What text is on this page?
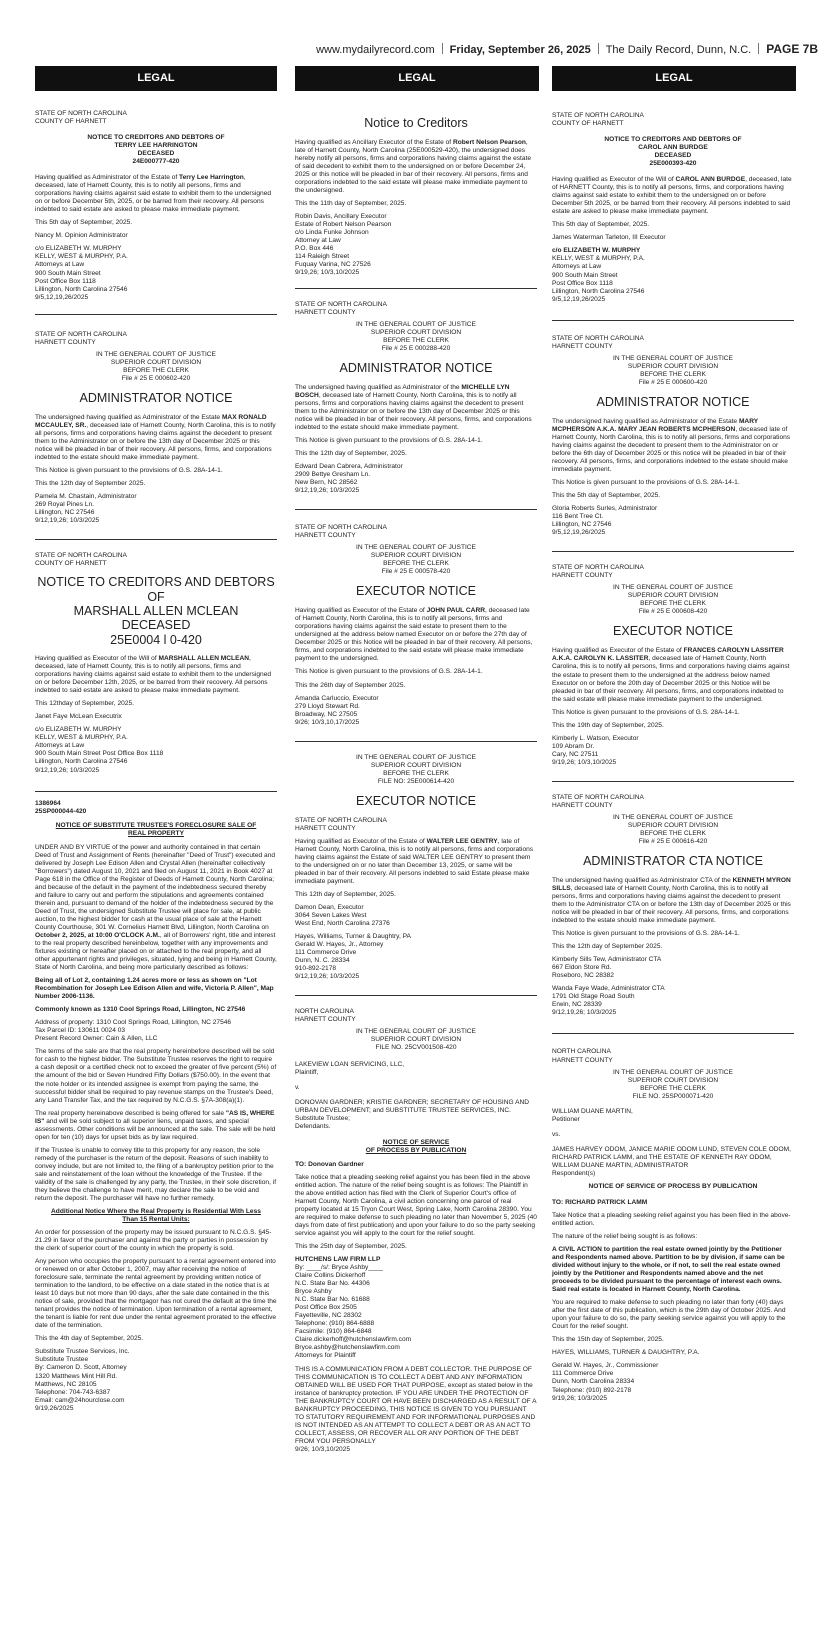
www.mydailyrecord.com Friday, September 26, 2025 The Daily Record, Dunn, N.C. PAGE 7B
LEGAL	LEGAL	LEGAL
STATE OF NORTH CAROLINA
COUNTY OF HARNETT
NOTICE TO CREDITORS AND DEBTORS OF
TERRY LEE HARRINGTON
DECEASED
24E000777-420

Having qualified as Administrator of the Estate of Terry Lee Harrington, deceased, late of Harnett County, this is to notify all persons, firms and corporations having claims against said estate to exhibit them to the undersigned on or before December 5th, 2025, or be barred from their recovery. All persons indebted to said estate are asked to please make immediate payment.

This 5th day of September, 2025.

Nancy M. Opinion Administrator

c/o ELIZABETH W. MURPHY
KELLY, WEST & MURPHY, P.A.
Attorneys at Law
900 South Main Street
Post Office Box 1118
Lillington, North Carolina 27546
9/5,12,19,26/2025
STATE OF NORTH CAROLINA
HARNETT COUNTY
IN THE GENERAL COURT OF JUSTICE
SUPERIOR COURT DIVISION
BEFORE THE CLERK
File # 25 E 000602-420
ADMINISTRATOR NOTICE

The undersigned having qualified as Administrator of the Estate MAX RONALD MCCAULEY, SR., deceased late of Harnett County, North Carolina, this is to notify all persons, firms and corporations having claims against the decedent to present them to the Administrator on or before the 13th day of December 2025 or this notice will be pleaded in bar of their recovery. All persons, firms, and corporations indebted to the estate should make immediate payment.

This Notice is given pursuant to the provisions of G.S. 28A-14-1.

This the 12th day of September 2025.

Pamela M. Chastain, Administrator
269 Royal Pines Ln.
Lillington, NC 27546
9/12,19,26; 10/3/2025
STATE OF NORTH CAROLINA
COUNTY OF HARNETT
NOTICE TO CREDITORS AND DEBTORS
OF
MARSHALL ALLEN MCLEAN
DECEASED
25E0004 l 0-420

Having qualified as Executor of the Will of MARSHALL ALLEN MCLEAN, deceased, late of Harnett County, this is to notify all persons, firms and corporations having claims against said estate to exhibit them to the undersigned on or before December 12th, 2025, or be barred from their recovery. All persons indebted to said estate are asked to please make immediate payment.

This 12thday of September, 2025.

Janet Faye McLean Executrix

c/o ELIZABETH W. MURPHY
KELLY, WEST & MURPHY, P.A.
Attorneys at Law
900 South Main Street Post Office Box 1118
Lillington, North Carolina 27546
9/12,19,26; 10/3/2025
1386964
25SP000044-420
NOTICE OF SUBSTITUTE TRUSTEE'S FORECLOSURE SALE OF REAL PROPERTY

UNDER AND BY VIRTUE of the power and authority contained in that certain Deed of Trust and Assignment of Rents (hereinafter "Deed of Trust") executed and delivered by Joseph Lee Edison Allen and Crystal Allen (hereinafter collectively "Borrowers") dated August 10, 2021 and filed on August 11, 2021 in Book 4027 at Page 618 in the Office of the Register of Deeds of Harnett County, North Carolina; and because of the default in the payment of the indebtedness secured thereby and failure to carry out and perform the stipulations and agreements contained therein and, pursuant to demand of the holder of the indebtedness secured by the Deed of Trust, the undersigned Substitute Trustee will place for sale, at public auction, to the highest bidder for cash at the usual place of sale at the Harnett County Courthouse, 301 W. Cornelius Harnett Blvd, Lillington, North Carolina on October 2, 2025, at 10:00 O'CLOCK A.M., all of Borrowers' right, title and interest to the real property described hereinbelow, together with any improvements and fixtures existing or hereafter placed on or attached to the real property, and all other appurtenant rights and privileges, situated, lying and being in Harnett County, State of North Carolina, and being more particularly described as follows:

Being all of Lot 2, containing 1.24 acres more or less as shown on "Lot Recombination for Joseph Lee Edison Allen and wife, Victoria P. Allen", Map Number 2006-1136.

Commonly known as 1310 Cool Springs Road, Lillington, NC 27546

Address of property: 1310 Cool Springs Road, Lillington, NC 27546
Tax Parcel ID: 130611 0024 03

Present Record Owner: Cain & Allen, LLC

The terms of the sale are that the real property hereinbefore described will be sold for cash to the highest bidder. The Substitute Trustee reserves the right to require a cash deposit or a certified check not to exceed the greater of five percent (5%) of the amount of the bid or Seven Hundred Fifty Dollars ($750.00). In the event that the note holder or its intended assignee is exempt from paying the same, the successful bidder shall be required to pay revenue stamps on the Trustee's Deed, any Land Transfer Tax, and the tax required by N.C.G.S. §7A-308(a)(1).

The real property hereinabove described is being offered for sale "AS IS, WHERE IS" and will be sold subject to all superior liens, unpaid taxes, and special assessments. Other conditions will be announced at the sale. The sale will be held open for ten (10) days for upset bids as by law required.

If the Trustee is unable to convey title to this property for any reason, the sole remedy of the purchaser is the return of the deposit. Reasons of such inability to convey include, but are not limited to, the filing of a bankruptcy petition prior to the sale and reinstatement of the loan without the knowledge of the Trustee. If the validity of the sale is challenged by any party, the Trustee, in their sole discretion, if they believe the challenge to have merit, may declare the sale to be void and return the deposit. The purchaser will have no further remedy.

Additional Notice Where the Real Property is Residential With Less Than 15 Rental Units:

An order for possession of the property may be issued pursuant to N.C.G.S. §45-21.29 in favor of the purchaser and against the party or parties in possession by the clerk of superior court of the county in which the property is sold.

Any person who occupies the property pursuant to a rental agreement entered into or renewed on or after October 1, 2007, may after receiving the notice of foreclosure sale, terminate the rental agreement by providing written notice of termination to the landlord, to be effective on a date stated in the notice that is at least 10 days but not more than 90 days, after the sale date contained in the this notice of sale, provided that the mortgagor has not cured the default at the time the tenant provides the notice of termination. Upon termination of a rental agreement, the tenant is liable for rent due under the rental agreement prorated to the effective date of the termination.

This the 4th day of September, 2025.

Substitute Trustee Services, Inc.
Substitute Trustee
By: Cameron D. Scott, Attorney
1320 Matthews Mint Hill Rd.
Matthews, NC 28105
Telephone: 704-743-6387
Email: cam@24hourclose.com
9/19,26/2025
Notice to Creditors

Having qualified as Ancillary Executor of the Estate of Robert Nelson Pearson, late of Harnett County, North Carolina (25E000529-420), the undersigned does hereby notify all persons, firms and corporations having claims against the estate of said decedent to exhibit them to the undersigned on or before December 24, 2025 or this notice will be pleaded in bar of their recovery. All persons, firms and corporations indebted to the said estate will please make immediate payment to the undersigned.

This the 11th day of September, 2025.

Robin Davis, Ancillary Executor
Estate of Robert Nelson Pearson
c/o Linda Funke Johnson
Attorney at Law
P.O. Box 446
114 Raleigh Street
Fuquay Varina, NC 27526
9/19,26; 10/3,10/2025
STATE OF NORTH CAROLINA
HARNETT COUNTY
IN THE GENERAL COURT OF JUSTICE
SUPERIOR COURT DIVISION
BEFORE THE CLERK
File # 25 E 000288-420
ADMINISTRATOR NOTICE

The undersigned having qualified as Administrator of the MICHELLE LYN BOSCH, deceased late of Harnett County, North Carolina, this is to notify all persons, firms and corporations having claims against the decedent to present them to the Administrator on or before the 13th day of December 2025 or this notice will be pleaded in bar of their recovery. All persons, firms, and corporations indebted to the estate should make immediate payment.

This Notice is given pursuant to the provisions of G.S. 28A-14-1.

This the 12th day of September, 2025.

Edward Dean Cabrera, Administrator
2909 Bettye Gresham Ln.
New Bern, NC 28562
9/12,19,26; 10/3/2025
STATE OF NORTH CAROLINA
HARNETT COUNTY
IN THE GENERAL COURT OF JUSTICE
SUPERIOR COURT DIVISION
BEFORE THE CLERK
File # 25 E 000578-420
EXECUTOR NOTICE

Having qualified as Executor of the Estate of JOHN PAUL CARR, deceased late of Harnett County, North Carolina, this is to notify all persons, firms and corporations having claims against the said estate to present them to the undersigned at the address below named Executor on or before the 27th day of December 2025 or this Notice will be pleaded in bar of their recovery. All persons, firms, and corporations indebted to the said estate will please make immediate payment to the undersigned.

This Notice is given pursuant to the provisions of G.S. 28A-14-1.

This the 26th day of September 2025.

Amanda Carluccio, Executor
279 Lloyd Stewart Rd.
Broadway, NC 27505
9/26; 10/3,10,17/2025
IN THE GENERAL COURT OF JUSTICE
SUPERIOR COURT DIVISION
BEFORE THE CLERK
FILE NO: 25E000614-420
EXECUTOR NOTICE
STATE OF NORTH CAROLINA
HARNETT COUNTY

Having qualified as Executor of the Estate of WALTER LEE GENTRY, late of Harnett County, North Carolina, this is to notify all persons, firms and corporations having claims against the Estate of said WALTER LEE GENTRY to present them to the undersigned on or no later than December 13, 2025, or same will be pleaded in bar of their recovery. All persons indebted to said Estate please make immediate payment.

This 12th day of September, 2025.

Damon Dean, Executor
3064 Seven Lakes West
West End, North Carolina 27376
Hayes, Williams, Turner & Daughtry, PA
Gerald W. Hayes, Jr., Attorney
111 Commerce Drive
Dunn, N. C. 28334
910-892-2178
9/12,19,26; 10/3/2025
NORTH CAROLINA
HARNETT COUNTY
IN THE GENERAL COURT OF JUSTICE
SUPERIOR COURT DIVISION
FILE NO. 25CV001508-420
LAKEVIEW LOAN SERVICING, LLC,
Plaintiff,
v.
DONOVAN GARDNER; KRISTIE GARDNER; SECRETARY OF HOUSING AND URBAN DEVELOPMENT; and SUBSTITUTE TRUSTEE SERVICES, INC. Substitute Trustee;
Defendants.
NOTICE OF SERVICE
OF PROCESS BY PUBLICATION

TO: Donovan Gardner

Take notice that a pleading seeking relief against you has been filed in the above entitled action. The nature of the relief being sought is as follows: The Plaintiff in the above entitled action has filed with the Clerk of Superior Court's office of Harnett County, North Carolina, a civil action concerning one parcel of real property located at 15 Tryon Court West, Spring Lake, North Carolina 28390. You are required to make defense to such pleading no later than November 5, 2025 (40 days from date of first publication) and upon your failure to do so the party seeking service against you will apply to the court for the relief sought.

This the 25th day of September, 2025.

HUTCHENS LAW FIRM LLP
By: ____/s/: Bryce Ashby____
Claire Collins Dickerhoff
N.C. State Bar No. 44306
Bryce Ashby
N.C. State Bar No. 61688
Post Office Box 2505
Fayetteville, NC 28302
Telephone: (910) 864-6888
Facsimile: (910) 864-6848
Claire.dickerhoff@hutchenslawfirm.com
Bryce.ashby@hutchenslawfirm.com
Attorneys for Plaintiff
THIS IS A COMMUNICATION FROM A DEBT COLLECTOR. THE PURPOSE OF THIS COMMUNICATION IS TO COLLECT A DEBT AND ANY INFORMATION OBTAINED WILL BE USED FOR THAT PURPOSE, except as stated below in the instance of bankruptcy protection. IF YOU ARE UNDER THE PROTECTION OF THE BANKRUPTCY COURT OR HAVE BEEN DISCHARGED AS A RESULT OF A BANKRUPTCY PROCEEDING, THIS NOTICE IS GIVEN TO YOU PURSUANT TO STATUTORY REQUIREMENT AND FOR INFORMATIONAL PURPOSES AND IS NOT INTENDED AS AN ATTEMPT TO COLLECT A DEBT OR AS AN ACT TO COLLECT, ASSESS, OR RECOVER ALL OR ANY PORTION OF THE DEBT FROM YOU PERSONALLY
9/26; 10/3,10/2025
STATE OF NORTH CAROLINA
COUNTY OF HARNETT
NOTICE TO CREDITORS AND DEBTORS OF
CAROL ANN BURDGE
DECEASED
25E000393-420

Having qualified as Executor of the Will of CAROL ANN BURDGE, deceased, late of HARNETT County, this is to notify all persons, firms, and corporations having claims against said estate to exhibit them to the undersigned on or before December 5th 2025, or be barred from their recovery. All persons indebted to said estate are asked to please make immediate payment.

This 5th day of September, 2025.

James Waterman Tarleton, III Executor

c/o ELIZABETH W. MURPHY
KELLY, WEST & MURPHY, P.A.
Attorneys at Law
900 South Main Street
Post Office Box 1118
Lillington, North Carolina 27546
9/5,12,19,26/2025
STATE OF NORTH CAROLINA
HARNETT COUNTY
IN THE GENERAL COURT OF JUSTICE
SUPERIOR COURT DIVISION
BEFORE THE CLERK
File # 25 E 000600-420
ADMINISTRATOR NOTICE

The undersigned having qualified as Administrator of the Estate MARY MCPHERSON A.K.A. MARY JEAN ROBERTS MCPHERSON, deceased late of Harnett County, North Carolina, this is to notify all persons, firms and corporations having claims against the decedent to present them to the Administrator on or before the 6th day of December 2025 or this notice will be pleaded in bar of their recovery. All persons, firms, and corporations indebted to the estate should make immediate payment.

This Notice is given pursuant to the provisions of G.S. 28A-14-1.

This the 5th day of September, 2025.

Gloria Roberts Surles, Administrator
116 Bent Tree Ct.
Lillington, NC 27546
9/5,12,19,26/2025
STATE OF NORTH CAROLINA
HARNETT COUNTY
IN THE GENERAL COURT OF JUSTICE
SUPERIOR COURT DIVISION
BEFORE THE CLERK
File # 25 E 000608-420
EXECUTOR NOTICE

Having qualified as Executor of the Estate of FRANCES CAROLYN LASSITER A.K.A. CAROLYN K. LASSITER, deceased late of Harnett County, North Carolina, this is to notify all persons, firms and corporations having claims against the estate to present them to the undersigned at the address below named Executor on or before the 20th day of December 2025 or this Notice will be pleaded in bar of their recovery. All persons, firms, and corporations indebted to the said estate will please make immediate payment to the undersigned.

This Notice is given pursuant to the provisions of G.S. 28A-14-1.

This the 19th day of September, 2025.

Kimberly L. Watson, Executor
109 Abram Dr.
Cary, NC 27511
9/19,26; 10/3,10/2025
STATE OF NORTH CAROLINA
HARNETT COUNTY
IN THE GENERAL COURT OF JUSTICE
SUPERIOR COURT DIVISION
BEFORE THE CLERK
File # 25 E 000616-420
ADMINISTRATOR CTA NOTICE

The undersigned having qualified as Administrator CTA of the KENNETH MYRON SILLS, deceased late of Harnett County, North Carolina, this is to notify all persons, firms and corporations having claims against the decedent to present them to the Administrator CTA on or before the 13th day of December 2025 or this notice will be pleaded in bar of their recovery. All persons, firms, and corporations indebted to the estate should make immediate payment.

This Notice is given pursuant to the provisions of G.S. 28A-14-1.

This the 12th day of September 2025.

Kimberly Sills Tew, Administrator CTA
667 Eldon Store Rd.
Roseboro, NC 28382
Wanda Faye Wade, Administrator CTA
1791 Old Stage Road South
Erwin, NC 28339
9/12,19,26; 10/3/2025
NORTH CAROLINA
HARNETT COUNTY
IN THE GENERAL COURT OF JUSTICE
SUPERIOR COURT DIVISION
BEFORE THE CLERK
FILE NO. 25SP000071-420
WILLIAM DUANE MARTIN,
Petitioner
vs.
JAMES HARVEY ODOM, JANICE MARIE ODOM LUND, STEVEN COLE ODOM, RICHARD PATRICK LAMM, and THE ESTATE OF KENNETH RAY ODOM, WILLIAM DUANE MARTIN, ADMINISTRATOR
Respondent(s)
NOTICE OF SERVICE OF PROCESS BY PUBLICATION

TO: RICHARD PATRICK LAMM

Take Notice that a pleading seeking relief against you has been filed in the above-entitled action.

The nature of the relief being sought is as follows:

A CIVIL ACTION to partition the real estate owned jointly by the Petitioner and Respondents named above. Partition to be by division, if same can be divided without injury to the whole, or if not, to sell the real estate owned jointly by the Petitioner and Respondents named above and the net proceeds to be divided pursuant to the percentage of interest each owns. Said real estate is located in Harnett County, North Carolina.

You are required to make defense to such pleading no later than forty (40) days after the first date of this publication, which is the 29th day of October 2025. And upon your failure to do so, the party seeking service against you will apply to the Court for the relief sought.

This the 15th day of September, 2025.

HAYES, WILLIAMS, TURNER & DAUGHTRY, P.A.

Gerald W. Hayes, Jr., Commissioner
111 Commerce Drive
Dunn, North Carolina 28334
Telephone: (910) 892-2178
9/19,26; 10/3/2025
